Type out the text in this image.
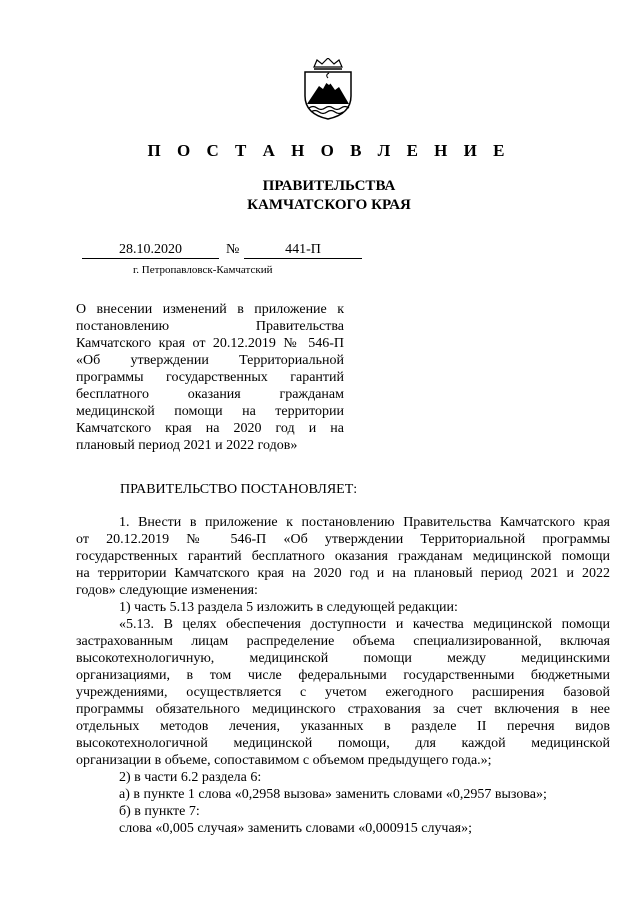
П О С Т А Н О В Л Е Н И Е
ПРАВИТЕЛЬСТВА
КАМЧАТСКОГО КРАЯ
28.10.2020	№	441-П
г. Петропавловск-Камчатский
О внесении изменений в приложение к
постановлению Правительства
Камчатского края от 20.12.2019 № 546-П
«Об утверждении Территориальной
программы государственных гарантий
бесплатного оказания гражданам
медицинской помощи на территории
Камчатского края на 2020 год и на
плановый период 2021 и 2022 годов»
ПРАВИТЕЛЬСТВО ПОСТАНОВЛЯЕТ:
1. Внести в приложение к постановлению Правительства Камчатского края
от 20.12.2019 № 546-П «Об утверждении Территориальной программы
государственных гарантий бесплатного оказания гражданам медицинской помощи
на территории Камчатского края на 2020 год и на плановый период 2021 и 2022
годов» следующие изменения:
1) часть 5.13 раздела 5 изложить в следующей редакции:
«5.13. В целях обеспечения доступности и качества медицинской помощи
застрахованным лицам распределение объема специализированной, включая
высокотехнологичную, медицинской помощи между медицинскими
организациями, в том числе федеральными государственными бюджетными
учреждениями, осуществляется с учетом ежегодного расширения базовой
программы обязательного медицинского страхования за счет включения в нее
отдельных методов лечения, указанных в разделе II перечня видов
высокотехнологичной медицинской помощи, для каждой медицинской
организации в объеме, сопоставимом с объемом предыдущего года.»;
2) в части 6.2 раздела 6:
а) в пункте 1 слова «0,2958 вызова» заменить словами «0,2957 вызова»;
б) в пункте 7:
слова «0,005 случая» заменить словами «0,000915 случая»;
